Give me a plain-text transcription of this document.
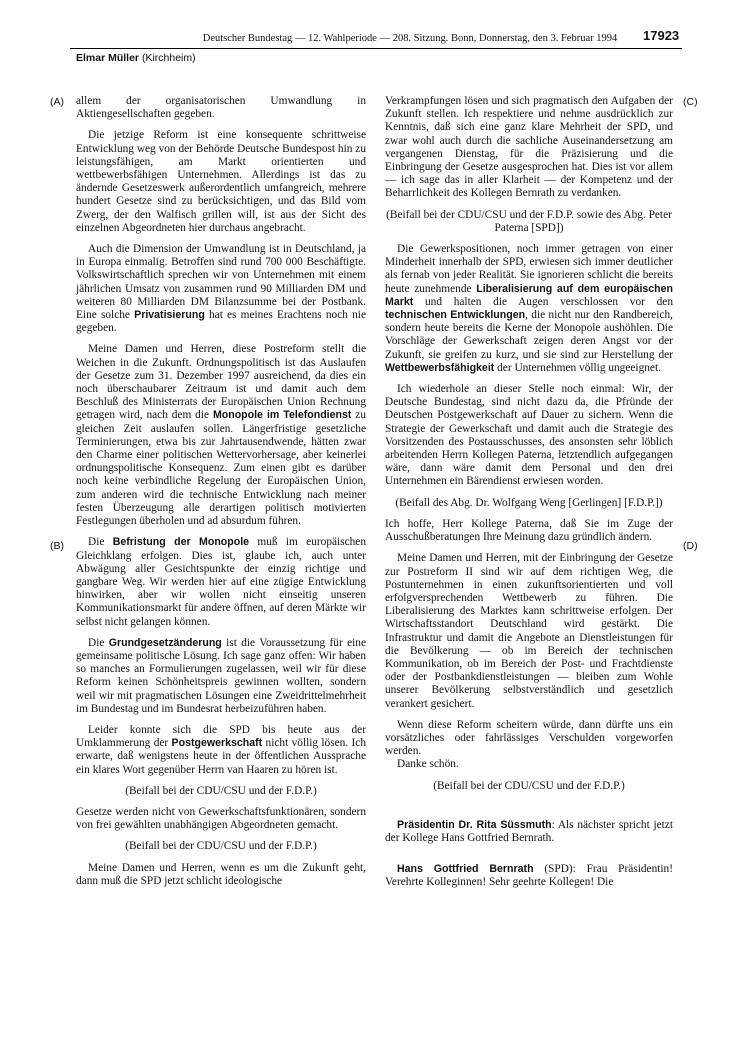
Deutscher Bundestag — 12. Wahlperiode — 208. Sitzung. Bonn, Donnerstag, den 3. Februar 1994	17923
Elmar Müller (Kirchheim)
(A)
(B)
(C)
(D)

allem der organisatorischen Umwandlung in Aktiengesellschaften gegeben.

Die jetzige Reform ist eine konsequente schrittweise Entwicklung weg von der Behörde Deutsche Bundespost hin zu leistungsfähigen, am Markt orientierten und wettbewerbsfähigen Unternehmen. Allerdings ist das zu ändernde Gesetzeswerk außerordentlich umfangreich, mehrere hundert Gesetze sind zu berücksichtigen, und das Bild vom Zwerg, der den Walfisch grillen will, ist aus der Sicht des einzelnen Abgeordneten hier durchaus angebracht.

Auch die Dimension der Umwandlung ist in Deutschland, ja in Europa einmalig. Betroffen sind rund 700 000 Beschäftigte. Volkswirtschaftlich sprechen wir von Unternehmen mit einem jährlichen Umsatz von zusammen rund 90 Milliarden DM und weiteren 80 Milliarden DM Bilanzsumme bei der Postbank. Eine solche Privatisierung hat es meines Erachtens noch nie gegeben.

Meine Damen und Herren, diese Postreform stellt die Weichen in die Zukunft. Ordnungspolitisch ist das Auslaufen der Gesetze zum 31. Dezember 1997 ausreichend, da dies ein noch überschaubarer Zeitraum ist und damit auch dem Beschluß des Ministerrats der Europäischen Union Rechnung getragen wird, nach dem die Monopole im Telefondienst zu gleichen Zeit auslaufen sollen. Längerfristige gesetzliche Terminierungen, etwa bis zur Jahrtausendwende, hätten zwar den Charme einer politischen Wettervorhersage, aber keinerlei ordnungspolitische Konsequenz. Zum einen gibt es darüber noch keine verbindliche Regelung der Europäischen Union, zum anderen wird die technische Entwicklung nach meiner festen Überzeugung alle derartigen politisch motivierten Festlegungen überholen und ad absurdum führen.

Die Befristung der Monopole muß im europäischen Gleichklang erfolgen. Dies ist, glaube ich, auch unter Abwägung aller Gesichtspunkte der einzig richtige und gangbare Weg. Wir werden hier auf eine zügige Entwicklung hinwirken, aber wir wollen nicht einseitig unseren Kommunikationsmarkt für andere öffnen, auf deren Märkte wir selbst nicht gelangen können.

Die Grundgesetzänderung ist die Voraussetzung für eine gemeinsame politische Lösung. Ich sage ganz offen: Wir haben so manches an Formulierungen zugelassen, weil wir für diese Reform keinen Schönheitspreis gewinnen wollten, sondern weil wir mit pragmatischen Lösungen eine Zweidrittelmehrheit im Bundestag und im Bundesrat herbeizuführen haben.

Leider konnte sich die SPD bis heute aus der Umklammerung der Postgewerkschaft nicht völlig lösen. Ich erwarte, daß wenigstens heute in der öffentlichen Aussprache ein klares Wort gegenüber Herrn van Haaren zu hören ist.

(Beifall bei der CDU/CSU und der F.D.P.)

Gesetze werden nicht von Gewerkschaftsfunktionären, sondern von frei gewählten unabhängigen Abgeordneten gemacht.

(Beifall bei der CDU/CSU und der F.D.P.)

Meine Damen und Herren, wenn es um die Zukunft geht, dann muß die SPD jetzt schlicht ideologische

Verkrampfungen lösen und sich pragmatisch den Aufgaben der Zukunft stellen. Ich respektiere und nehme ausdrücklich zur Kenntnis, daß sich eine ganz klare Mehrheit der SPD, und zwar wohl auch durch die sachliche Auseinandersetzung am vergangenen Dienstag, für die Präzisierung und die Einbringung der Gesetze ausgesprochen hat. Dies ist vor allem — ich sage das in aller Klarheit — der Kompetenz und der Beharrlichkeit des Kollegen Bernrath zu verdanken.

(Beifall bei der CDU/CSU und der F.D.P. sowie des Abg. Peter Paterna [SPD])

Die Gewerkspositionen, noch immer getragen von einer Minderheit innerhalb der SPD, erwiesen sich immer deutlicher als fernab von jeder Realität. Sie ignorieren schlicht die bereits heute zunehmende Liberalisierung auf dem europäischen Markt und halten die Augen verschlossen vor den technischen Entwicklungen, die nicht nur den Randbereich, sondern heute bereits die Kerne der Monopole aushöhlen. Die Vorschläge der Gewerkschaft zeigen deren Angst vor der Zukunft, sie greifen zu kurz, und sie sind zur Herstellung der Wettbewerbsfähigkeit der Unternehmen völlig ungeeignet.

Ich wiederhole an dieser Stelle noch einmal: Wir, der Deutsche Bundestag, sind nicht dazu da, die Pfründe der Deutschen Postgewerkschaft auf Dauer zu sichern. Wenn die Strategie der Gewerkschaft und damit auch die Strategie des Vorsitzenden des Postausschusses, des ansonsten sehr löblich arbeitenden Herrn Kollegen Paterna, letztendlich aufgegangen wäre, dann wäre damit dem Personal und den drei Unternehmen ein Bärendienst erwiesen worden.

(Beifall des Abg. Dr. Wolfgang Weng [Gerlingen] [F.D.P.])

Ich hoffe, Herr Kollege Paterna, daß Sie im Zuge der Ausschußberatungen Ihre Meinung dazu gründlich ändern.

Meine Damen und Herren, mit der Einbringung der Gesetze zur Postreform II sind wir auf dem richtigen Weg, die Postunternehmen in einen zukunftsorientierten und voll erfolgversprechenden Wettbewerb zu führen. Die Liberalisierung des Marktes kann schrittweise erfolgen. Der Wirtschaftsstandort Deutschland wird gestärkt. Die Infrastruktur und damit die Angebote an Dienstleistungen für die Bevölkerung — ob im Bereich der technischen Kommunikation, ob im Bereich der Post- und Frachtdienste oder der Postbankdienstleistungen — bleiben zum Wohle unserer Bevölkerung selbstverständlich und gesetzlich verankert gesichert.

Wenn diese Reform scheitern würde, dann dürfte uns ein vorsätzliches oder fahrlässiges Verschulden vorgeworfen werden.

Danke schön.

(Beifall bei der CDU/CSU und der F.D.P.)

Präsidentin Dr. Rita Süssmuth: Als nächster spricht jetzt der Kollege Hans Gottfried Bernrath.

Hans Gottfried Bernrath (SPD): Frau Präsidentin! Verehrte Kolleginnen! Sehr geehrte Kollegen! Die
